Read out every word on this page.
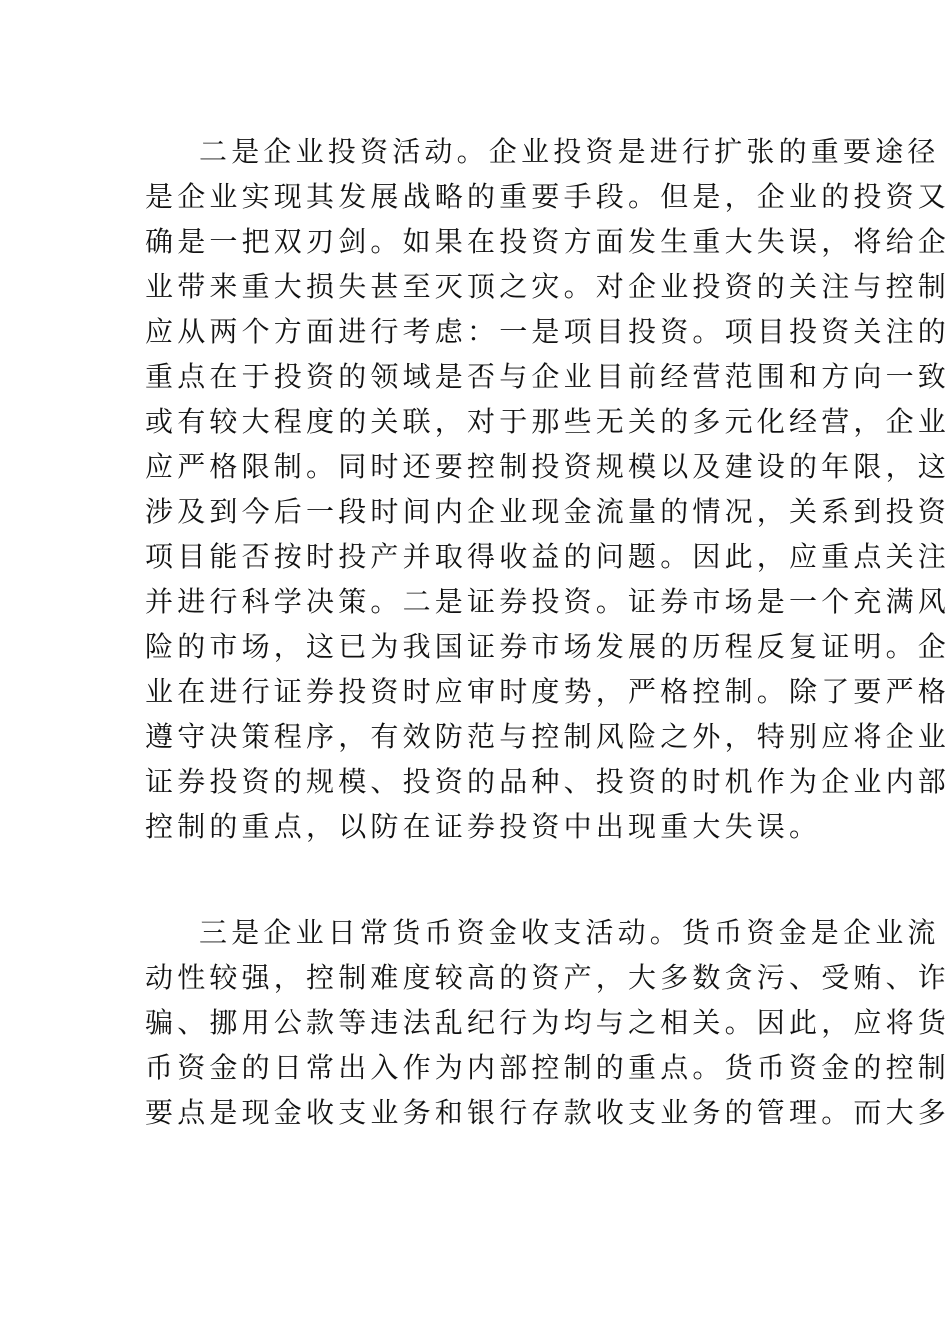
二是企业投资活动。企业投资是进行扩张的重要途径
是企业实现其发展战略的重要手段。但是，企业的投资又
确是一把双刃剑。如果在投资方面发生重大失误，将给企
业带来重大损失甚至灭顶之灾。对企业投资的关注与控制
应从两个方面进行考虑：一是项目投资。项目投资关注的
重点在于投资的领域是否与企业目前经营范围和方向一致
或有较大程度的关联，对于那些无关的多元化经营，企业
应严格限制。同时还要控制投资规模以及建设的年限，这
涉及到今后一段时间内企业现金流量的情况，关系到投资
项目能否按时投产并取得收益的问题。因此，应重点关注
并进行科学决策。二是证券投资。证券市场是一个充满风
险的市场，这已为我国证券市场发展的历程反复证明。企
业在进行证券投资时应审时度势，严格控制。除了要严格
遵守决策程序，有效防范与控制风险之外，特别应将企业
证券投资的规模、投资的品种、投资的时机作为企业内部
控制的重点，以防在证券投资中出现重大失误。
三是企业日常货币资金收支活动。货币资金是企业流
动性较强，控制难度较高的资产，大多数贪污、受贿、诈
骗、挪用公款等违法乱纪行为均与之相关。因此，应将货
币资金的日常出入作为内部控制的重点。货币资金的控制
要点是现金收支业务和银行存款收支业务的管理。而大多
